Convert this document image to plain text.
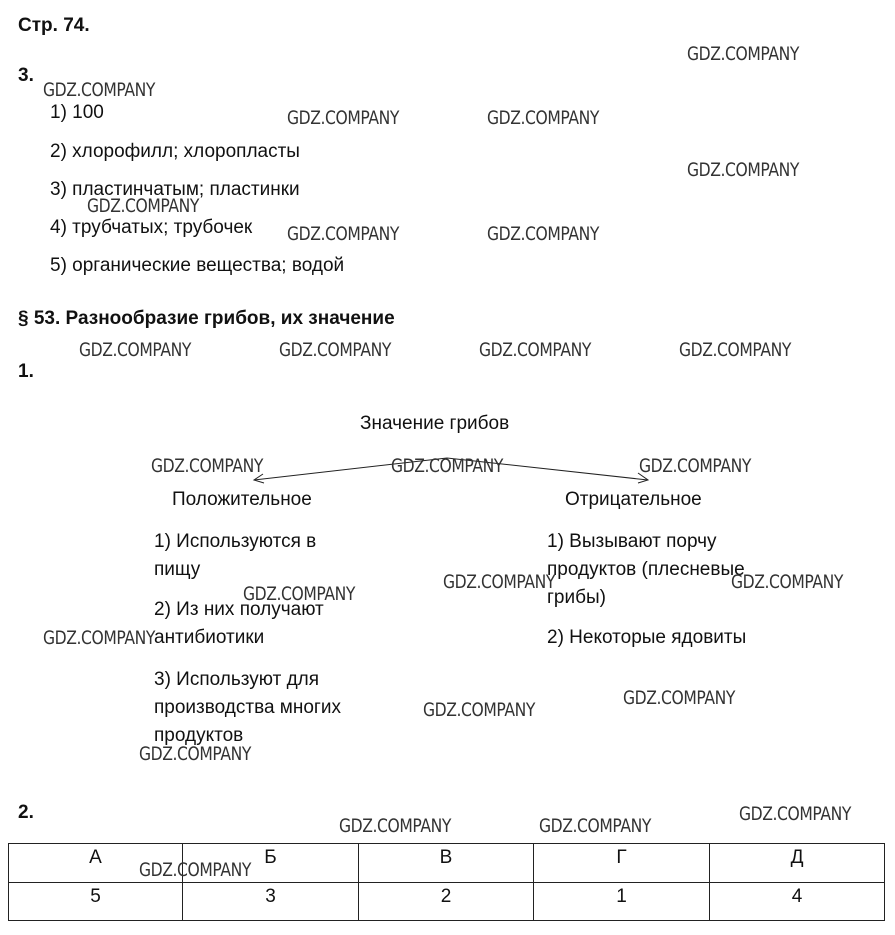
Стр. 74.
3.
1) 100
2) хлорофилл; хлоропласты
3) пластинчатым; пластинки
4) трубчатых; трубочек
5) органические вещества; водой
§ 53. Разнообразие грибов, их значение
1.
Значение грибов
Положительное	Отрицательное
1) Используются в пищу
2) Из них получают антибиотики
3) Используют для производства многих продуктов
1) Вызывают порчу продуктов (плесневые грибы)
2) Некоторые ядовиты
2.
А	Б	В	Г	Д
5	3	2	1	4
GDZ.COMPANY
GDZ.COMPANY
GDZ.COMPANY	GDZ.COMPANY
GDZ.COMPANY
GDZ.COMPANY
GDZ.COMPANY	GDZ.COMPANY
GDZ.COMPANY	GDZ.COMPANY	GDZ.COMPANY	GDZ.COMPANY
GDZ.COMPANY	GDZ.COMPANY	GDZ.COMPANY
GDZ.COMPANY	GDZ.COMPANY
GDZ.COMPANY
GDZ.COMPANY
GDZ.COMPANY
GDZ.COMPANY
GDZ.COMPANY
GDZ.COMPANY
GDZ.COMPANY	GDZ.COMPANY
GDZ.COMPANY
